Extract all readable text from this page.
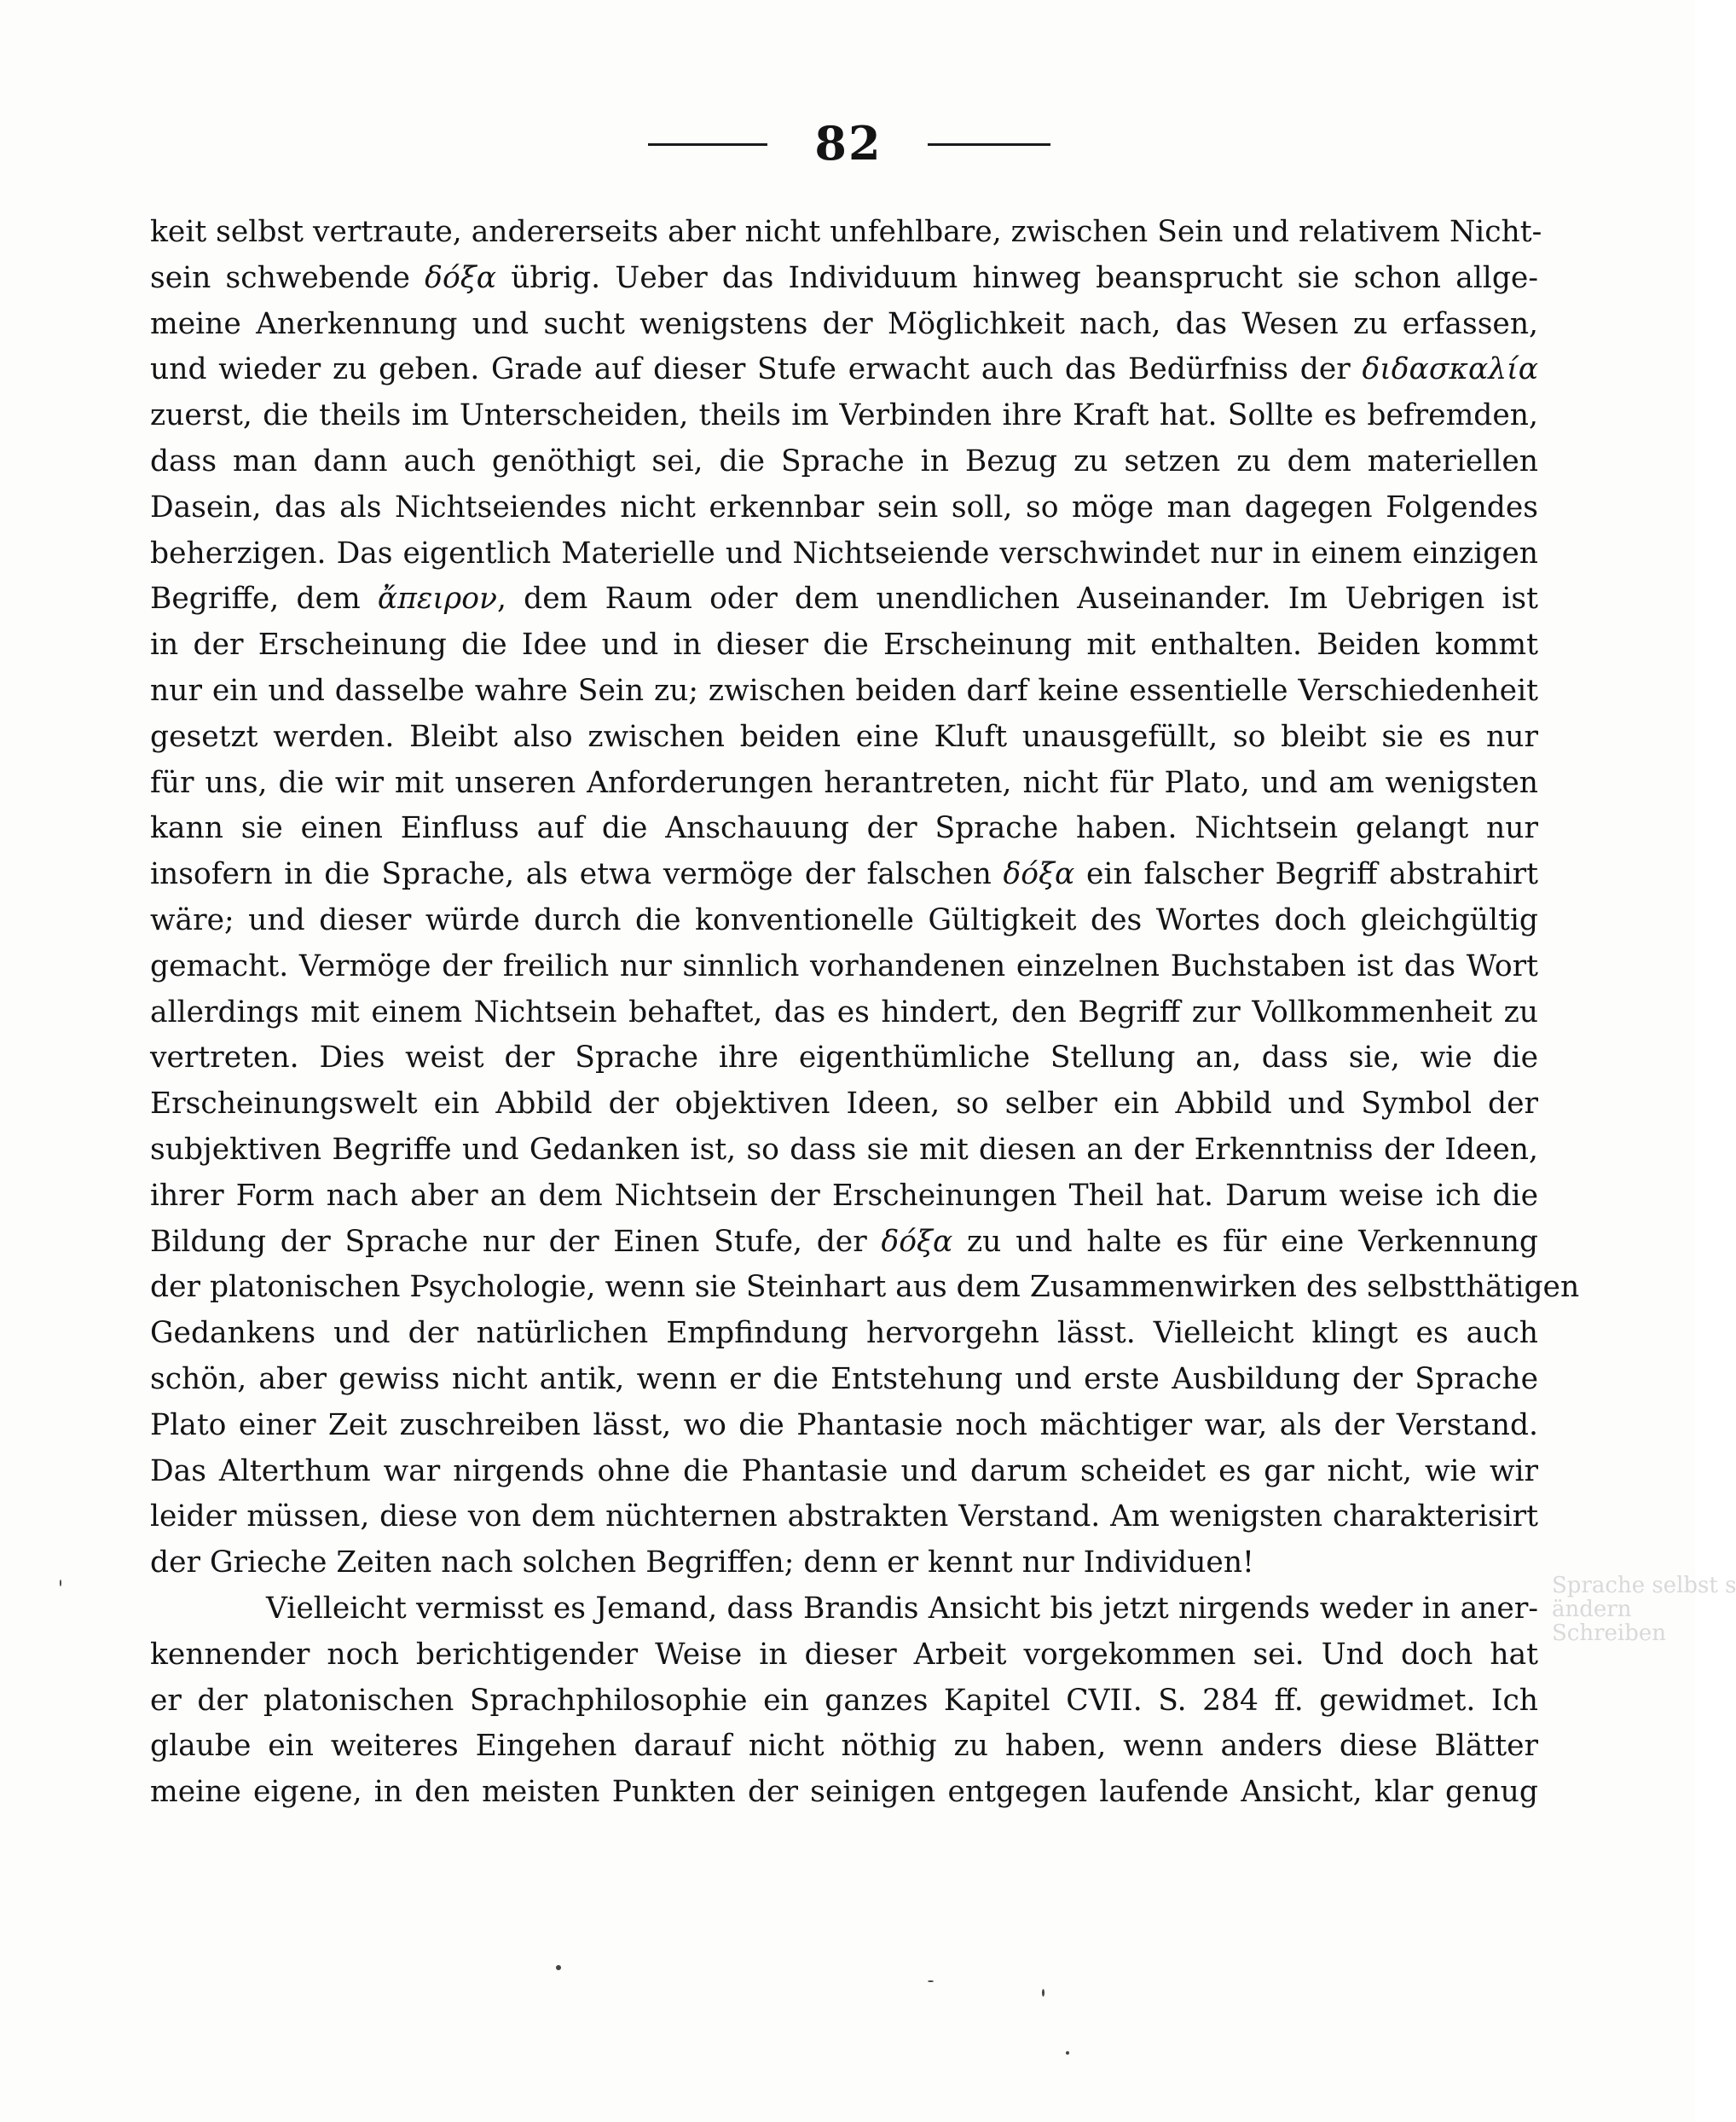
82
keit selbst vertraute, andererseits aber nicht unfehlbare, zwischen Sein und relativem Nicht-
sein schwebende δόξα übrig. Ueber das Individuum hinweg beansprucht sie schon allge-
meine Anerkennung und sucht wenigstens der Möglichkeit nach, das Wesen zu erfassen,
und wieder zu geben. Grade auf dieser Stufe erwacht auch das Bedürfniss der διδασκαλία
zuerst, die theils im Unterscheiden, theils im Verbinden ihre Kraft hat. Sollte es befremden,
dass man dann auch genöthigt sei, die Sprache in Bezug zu setzen zu dem materiellen
Dasein, das als Nichtseiendes nicht erkennbar sein soll, so möge man dagegen Folgendes
beherzigen. Das eigentlich Materielle und Nichtseiende verschwindet nur in einem einzigen
Begriffe, dem ἄπειρον, dem Raum oder dem unendlichen Auseinander. Im Uebrigen ist
in der Erscheinung die Idee und in dieser die Erscheinung mit enthalten. Beiden kommt
nur ein und dasselbe wahre Sein zu; zwischen beiden darf keine essentielle Verschiedenheit
gesetzt werden. Bleibt also zwischen beiden eine Kluft unausgefüllt, so bleibt sie es nur
für uns, die wir mit unseren Anforderungen herantreten, nicht für Plato, und am wenigsten
kann sie einen Einfluss auf die Anschauung der Sprache haben. Nichtsein gelangt nur
insofern in die Sprache, als etwa vermöge der falschen δόξα ein falscher Begriff abstrahirt
wäre; und dieser würde durch die konventionelle Gültigkeit des Wortes doch gleichgültig
gemacht. Vermöge der freilich nur sinnlich vorhandenen einzelnen Buchstaben ist das Wort
allerdings mit einem Nichtsein behaftet, das es hindert, den Begriff zur Vollkommenheit zu
vertreten. Dies weist der Sprache ihre eigenthümliche Stellung an, dass sie, wie die
Erscheinungswelt ein Abbild der objektiven Ideen, so selber ein Abbild und Symbol der
subjektiven Begriffe und Gedanken ist, so dass sie mit diesen an der Erkenntniss der Ideen,
ihrer Form nach aber an dem Nichtsein der Erscheinungen Theil hat. Darum weise ich die
Bildung der Sprache nur der Einen Stufe, der δόξα zu und halte es für eine Verkennung
der platonischen Psychologie, wenn sie Steinhart aus dem Zusammenwirken des selbstthätigen
Gedankens und der natürlichen Empfindung hervorgehn lässt. Vielleicht klingt es auch
schön, aber gewiss nicht antik, wenn er die Entstehung und erste Ausbildung der Sprache
Plato einer Zeit zuschreiben lässt, wo die Phantasie noch mächtiger war, als der Verstand.
Das Alterthum war nirgends ohne die Phantasie und darum scheidet es gar nicht, wie wir
leider müssen, diese von dem nüchternen abstrakten Verstand. Am wenigsten charakterisirt
der Grieche Zeiten nach solchen Begriffen; denn er kennt nur Individuen!
Vielleicht vermisst es Jemand, dass Brandis Ansicht bis jetzt nirgends weder in aner-
kennender noch berichtigender Weise in dieser Arbeit vorgekommen sei. Und doch hat
er der platonischen Sprachphilosophie ein ganzes Kapitel CVII. S. 284 ff. gewidmet. Ich
glaube ein weiteres Eingehen darauf nicht nöthig zu haben, wenn anders diese Blätter
meine eigene, in den meisten Punkten der seinigen entgegen laufende Ansicht, klar genug
Sprache selbst s
ändern
Schreiben
